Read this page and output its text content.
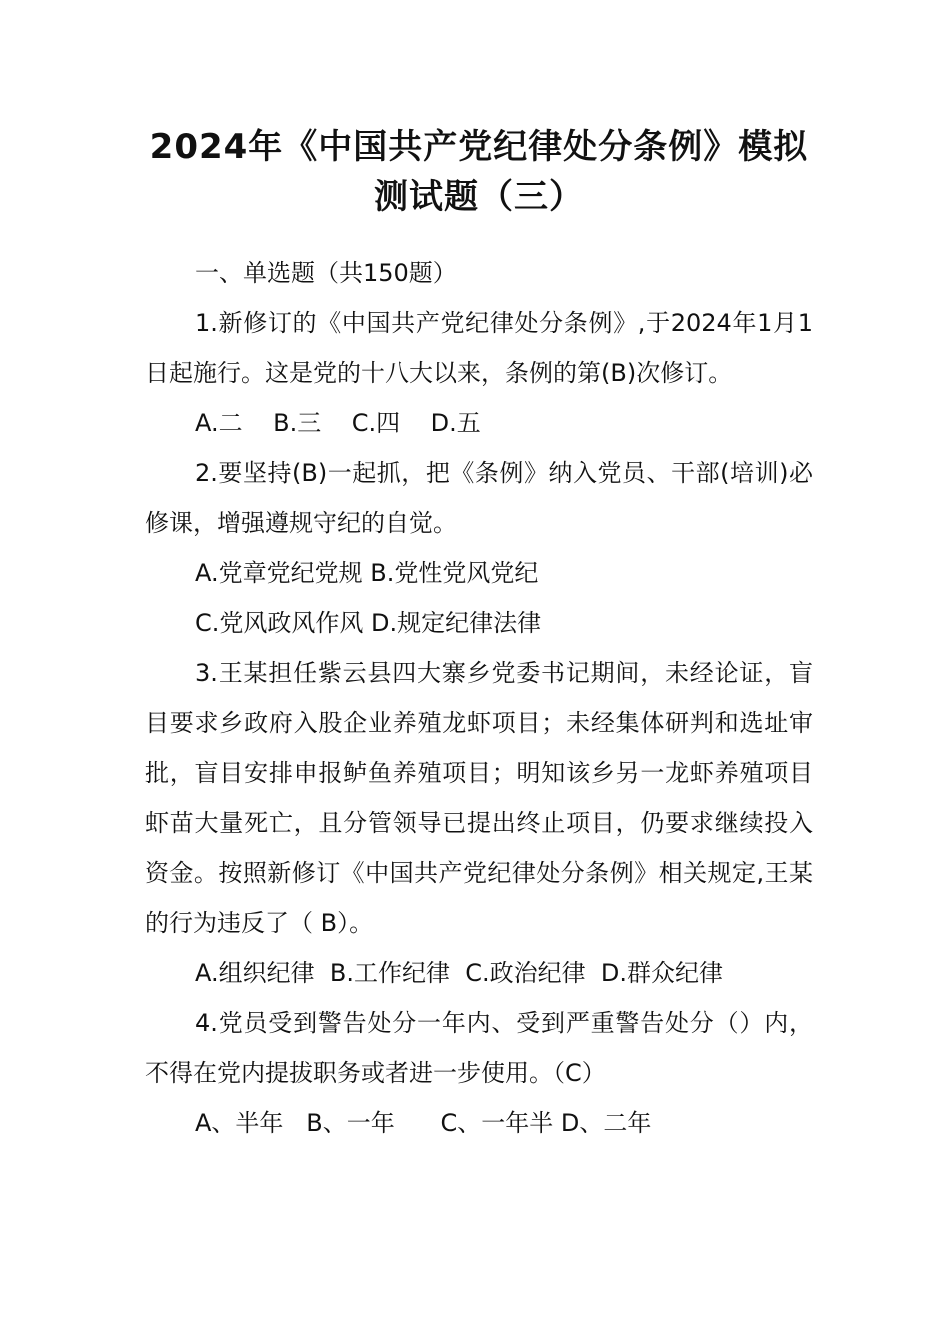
2024年《中国共产党纪律处分条例》模拟
测试题（三）

一、单选题（共150题）

1.新修订的《中国共产党纪律处分条例》,于2024年1月1日起施行。这是党的十八大以来，条例的第(B)次修订。

A.二    B.三    C.四    D.五

2.要坚持(B)一起抓，把《条例》纳入党员、干部(培训)必修课，增强遵规守纪的自觉。

A.党章党纪党规 B.党性党风党纪

C.党风政风作风 D.规定纪律法律

3.王某担任紫云县四大寨乡党委书记期间，未经论证，盲目要求乡政府入股企业养殖龙虾项目；未经集体研判和选址审批，盲目安排申报鲈鱼养殖项目；明知该乡另一龙虾养殖项目虾苗大量死亡，且分管领导已提出终止项目，仍要求继续投入资金。按照新修订《中国共产党纪律处分条例》相关规定,王某的行为违反了（ B）。

A.组织纪律  B.工作纪律  C.政治纪律  D.群众纪律

4.党员受到警告处分一年内、受到严重警告处分（）内，不得在党内提拔职务或者进一步使用。（C）

A、半年   B、一年      C、一年半 D、二年
